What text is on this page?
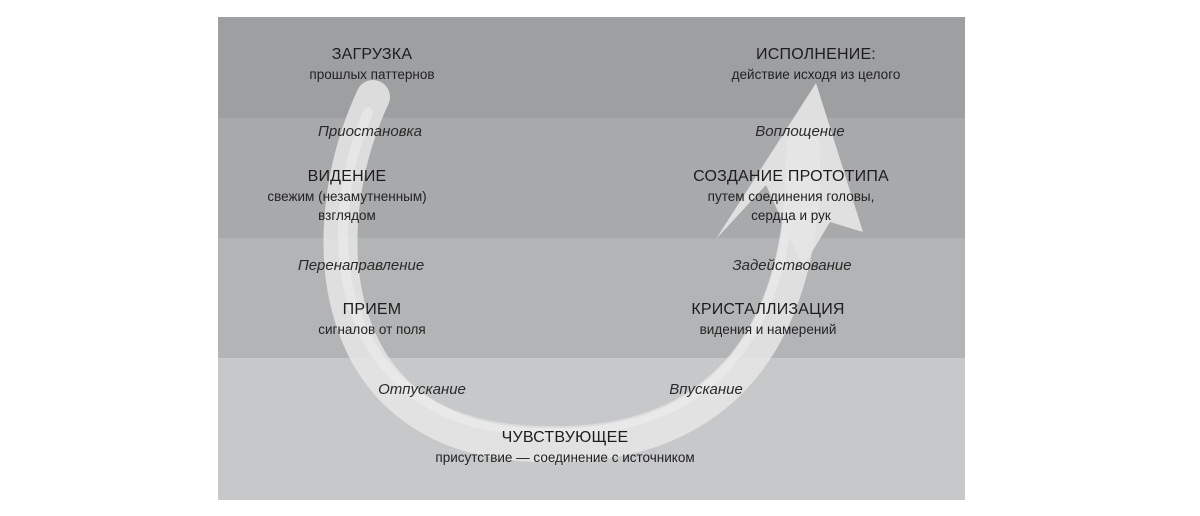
ЗАГРУЗКА
прошлых паттернов
Приостановка
ВИДЕНИЕ
свежим (незамутненным)
взглядом
Перенаправление
ПРИЕМ
сигналов от поля
Отпускание
ЧУВСТВУЮЩЕЕ
присутствие — соединение с источником
Впускание
КРИСТАЛЛИЗАЦИЯ
видения и намерений
Задействование
СОЗДАНИЕ ПРОТОТИПА
путем соединения головы,
сердца и рук
Воплощение
ИСПОЛНЕНИЕ:
действие исходя из целого
